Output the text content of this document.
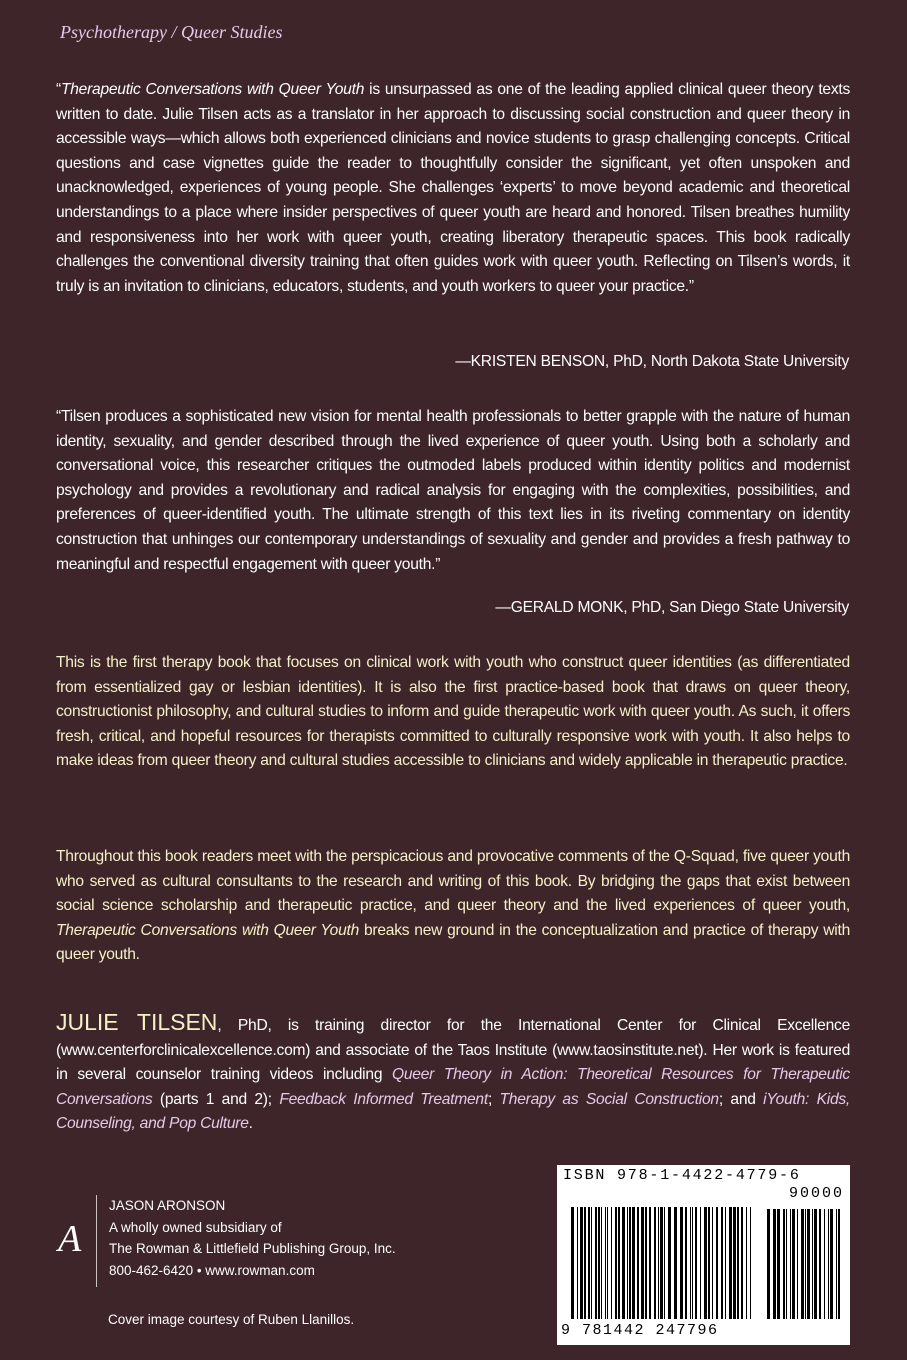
Psychotherapy / Queer Studies

“Therapeutic Conversations with Queer Youth is unsurpassed as one of the leading applied clinical queer theory texts written to date. Julie Tilsen acts as a translator in her approach to discussing social construction and queer theory in accessible ways—which allows both experienced clinicians and novice students to grasp challenging concepts. Critical questions and case vignettes guide the reader to thoughtfully consider the significant, yet often unspoken and unacknowledged, experiences of young people. She challenges ‘experts’ to move beyond academic and theoretical understandings to a place where insider perspectives of queer youth are heard and honored. Tilsen breathes humility and responsiveness into her work with queer youth, creating liberatory therapeutic spaces. This book radically challenges the conventional diversity training that often guides work with queer youth. Reflecting on Tilsen’s words, it truly is an invitation to clinicians, educators, students, and youth workers to queer your practice.”

—KRISTEN BENSON, PhD, North Dakota State University

“Tilsen produces a sophisticated new vision for mental health professionals to better grapple with the nature of human identity, sexuality, and gender described through the lived experience of queer youth. Using both a scholarly and conversational voice, this researcher critiques the outmoded labels produced within identity politics and modernist psychology and provides a revolutionary and radical analysis for engaging with the complexities, possibilities, and preferences of queer-identified youth. The ultimate strength of this text lies in its riveting commentary on identity construction that unhinges our contemporary understandings of sexuality and gender and provides a fresh pathway to meaningful and respectful engagement with queer youth.”

—GERALD MONK, PhD, San Diego State University

This is the first therapy book that focuses on clinical work with youth who construct queer identities (as differentiated from essentialized gay or lesbian identities). It is also the first practice-based book that draws on queer theory, constructionist philosophy, and cultural studies to inform and guide therapeutic work with queer youth. As such, it offers fresh, critical, and hopeful resources for therapists committed to culturally responsive work with youth. It also helps to make ideas from queer theory and cultural studies accessible to clinicians and widely applicable in therapeutic practice.

Throughout this book readers meet with the perspicacious and provocative comments of the Q-Squad, five queer youth who served as cultural consultants to the research and writing of this book. By bridging the gaps that exist between social science scholarship and therapeutic practice, and queer theory and the lived experiences of queer youth, Therapeutic Conversations with Queer Youth breaks new ground in the conceptualization and practice of therapy with queer youth.

JULIE TILSEN, PhD, is training director for the International Center for Clinical Excellence (www.centerforclinicalexcellence.com) and associate of the Taos Institute (www.taosinstitute.net). Her work is featured in several counselor training videos including Queer Theory in Action: Theoretical Resources for Therapeutic Conversations (parts 1 and 2); Feedback Informed Treatment; Therapy as Social Construction; and iYouth: Kids, Counseling, and Pop Culture.

A
JASON ARONSON
A wholly owned subsidiary of
The Rowman & Littlefield Publishing Group, Inc.
800-462-6420 • www.rowman.com
Cover image courtesy of Ruben Llanillos.
ISBN 978-1-4422-4779-6
90000
9 781442 247796
